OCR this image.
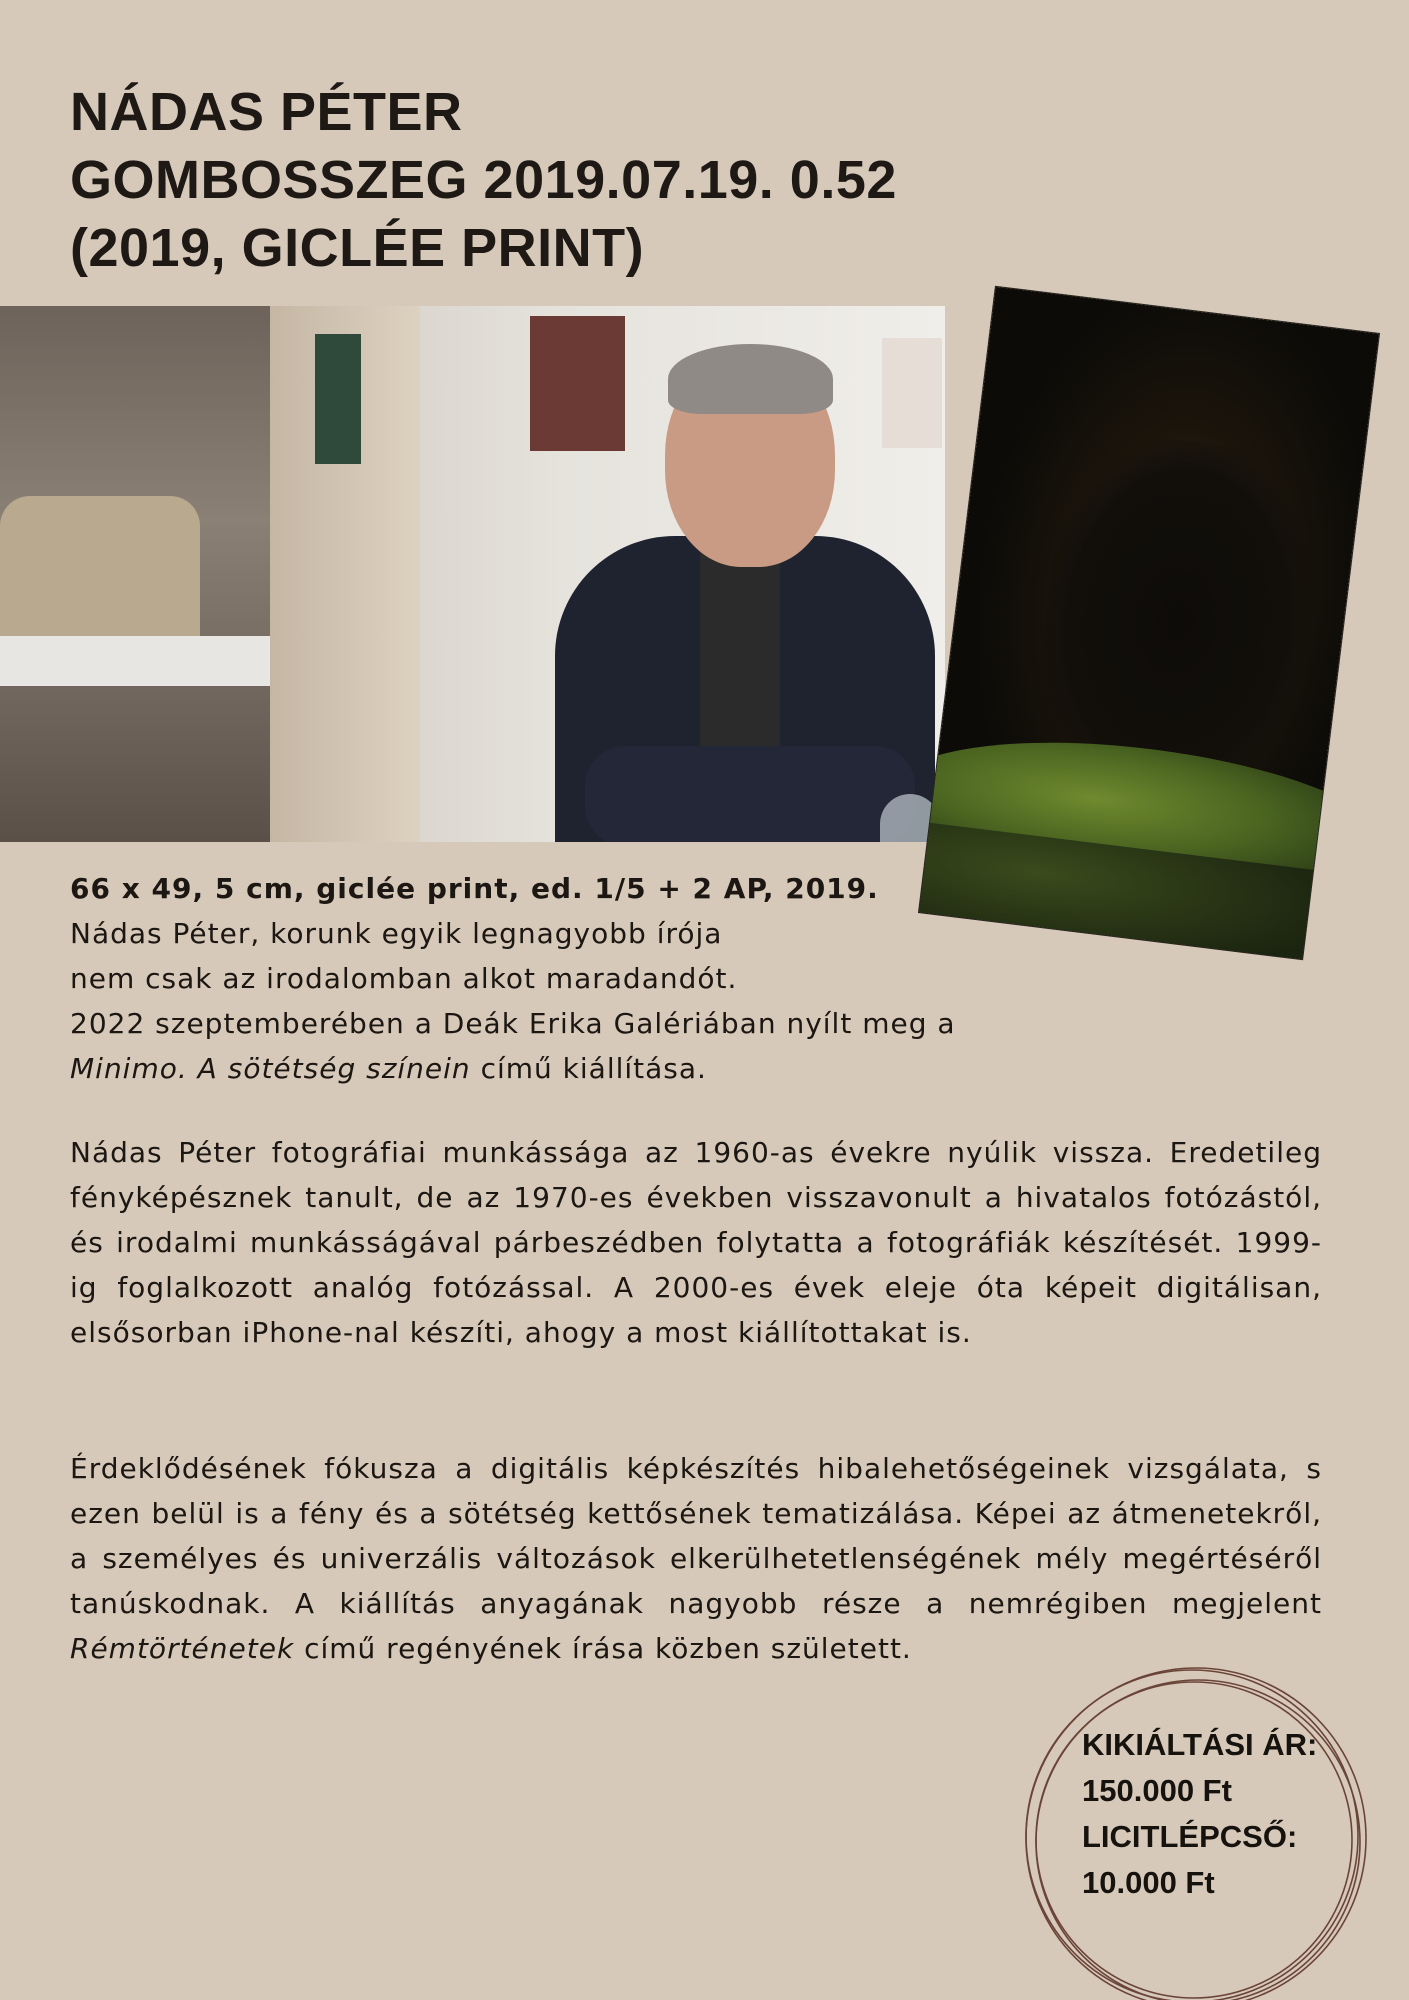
NÁDAS PÉTER
GOMBOSSZEG 2019.07.19. 0.52
(2019, GICLÉE PRINT)
66 x 49, 5 cm, giclée print, ed. 1/5 + 2 AP, 2019.
Nádas Péter, korunk egyik legnagyobb írója
nem csak az irodalomban alkot maradandót.
2022 szeptemberében a Deák Erika Galériában nyílt meg a
Minimo. A sötétség színein című kiállítása.

Nádas Péter fotográfiai munkássága az 1960-as évekre nyúlik vissza. Eredetileg fényképésznek tanult, de az 1970-es években visszavonult a hivatalos fotózástól, és irodalmi munkásságával párbeszédben folytatta a fotográfiák készítését. 1999-ig foglalkozott analóg fotózással. A 2000-es évek eleje óta képeit digitálisan, elsősorban iPhone-nal készíti, ahogy a most kiállítottakat is.

Érdeklődésének fókusza a digitális képkészítés hibalehetőségeinek vizsgálata, s ezen belül is a fény és a sötétség kettősének tematizálása. Képei az átmenetekről, a személyes és univerzális változások elkerülhetetlenségének mély megértéséről tanúskodnak. A kiállítás anyagának nagyobb része a nemrégiben megjelent Rémtörténetek című regényének írása közben született.

KIKIÁLTÁSI ÁR:
150.000 Ft
LICITLÉPCSŐ:
10.000 Ft
